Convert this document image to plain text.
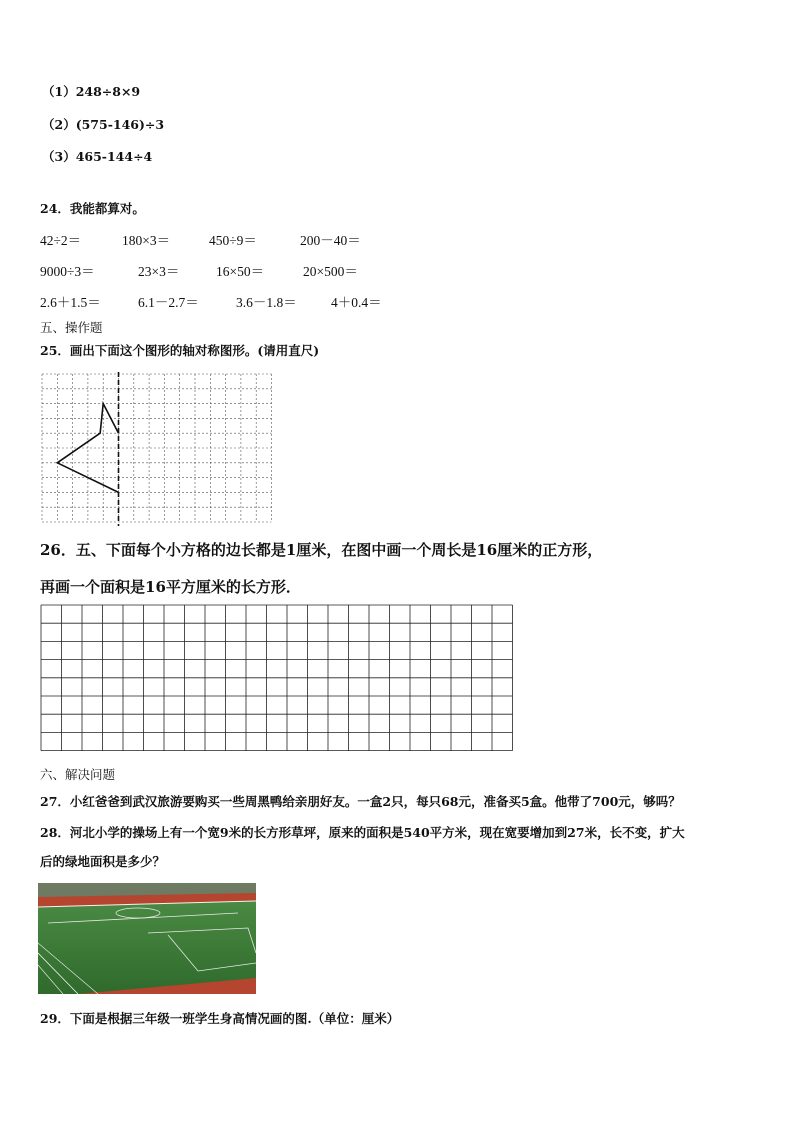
（1）248÷8×9
（2）(575-146)÷3
（3）465-144÷4
24．我能都算对。
42÷2＝	180×3＝	450÷9＝	200－40＝
9000÷3＝	23×3＝	16×50＝	20×500＝
2.6＋1.5＝	6.1－2.7＝	3.6－1.8＝	4＋0.4＝
五、操作题
25．画出下面这个图形的轴对称图形。(请用直尺)
26．五、下面每个小方格的边长都是1厘米，在图中画一个周长是16厘米的正方形，
再画一个面积是16平方厘米的长方形．
六、解决问题
27．小红爸爸到武汉旅游要购买一些周黑鸭给亲朋好友。一盒2只，每只68元，准备买5盒。他带了700元，够吗？
28．河北小学的操场上有一个宽9米的长方形草坪，原来的面积是540平方米，现在宽要增加到27米，长不变，扩大
后的绿地面积是多少？
29．下面是根据三年级一班学生身高情况画的图.（单位：厘米）
